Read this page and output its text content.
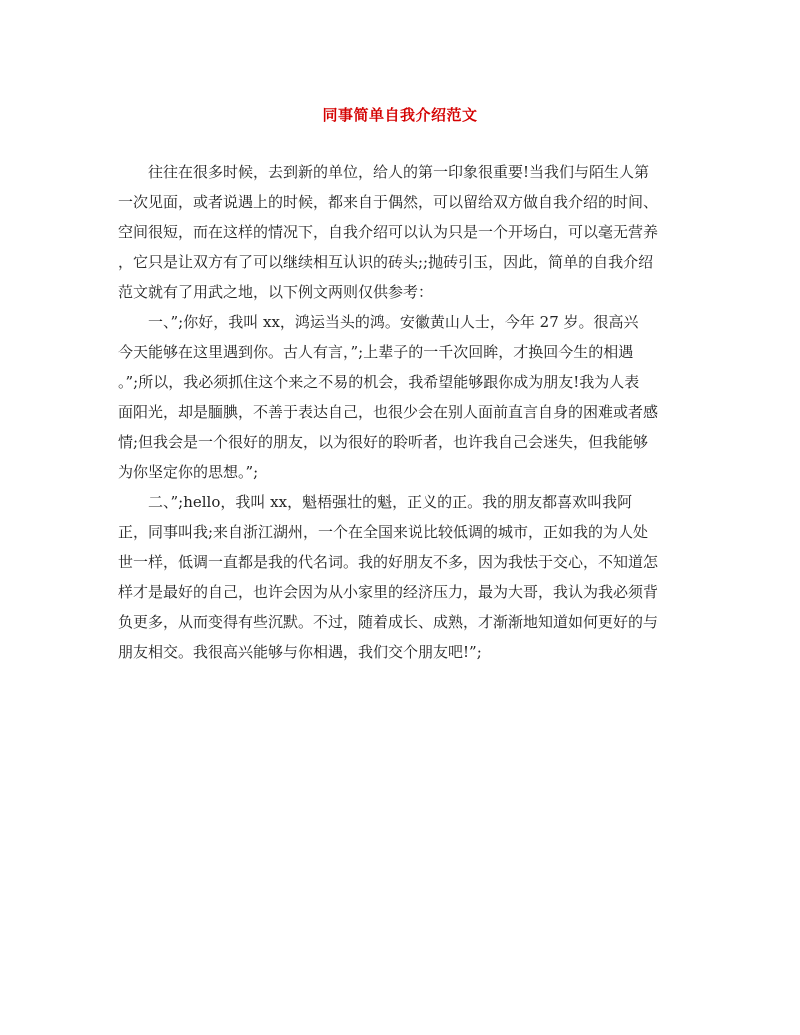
同事简单自我介绍范文
　　往往在很多时候，去到新的单位，给人的第一印象很重要!当我们与陌生人第
一次见面，或者说遇上的时候，都来自于偶然，可以留给双方做自我介绍的时间、
空间很短，而在这样的情况下，自我介绍可以认为只是一个开场白，可以毫无营养
，它只是让双方有了可以继续相互认识的砖头;;抛砖引玉，因此，简单的自我介绍
范文就有了用武之地，以下例文两则仅供参考：
　　一、”;你好，我叫 xx，鸿运当头的鸿。安徽黄山人士，今年 27 岁。很高兴
今天能够在这里遇到你。古人有言，”;上辈子的一千次回眸，才换回今生的相遇
。”;所以，我必须抓住这个来之不易的机会，我希望能够跟你成为朋友!我为人表
面阳光，却是腼腆，不善于表达自己，也很少会在别人面前直言自身的困难或者感
情;但我会是一个很好的朋友，以为很好的聆听者，也许我自己会迷失，但我能够
为你坚定你的思想。”;
　　二、”;hello，我叫 xx，魁梧强壮的魁，正义的正。我的朋友都喜欢叫我阿
正，同事叫我;来自浙江湖州，一个在全国来说比较低调的城市，正如我的为人处
世一样，低调一直都是我的代名词。我的好朋友不多，因为我怯于交心，不知道怎
样才是最好的自己，也许会因为从小家里的经济压力，最为大哥，我认为我必须背
负更多，从而变得有些沉默。不过，随着成长、成熟，才渐渐地知道如何更好的与
朋友相交。我很高兴能够与你相遇，我们交个朋友吧!”;
